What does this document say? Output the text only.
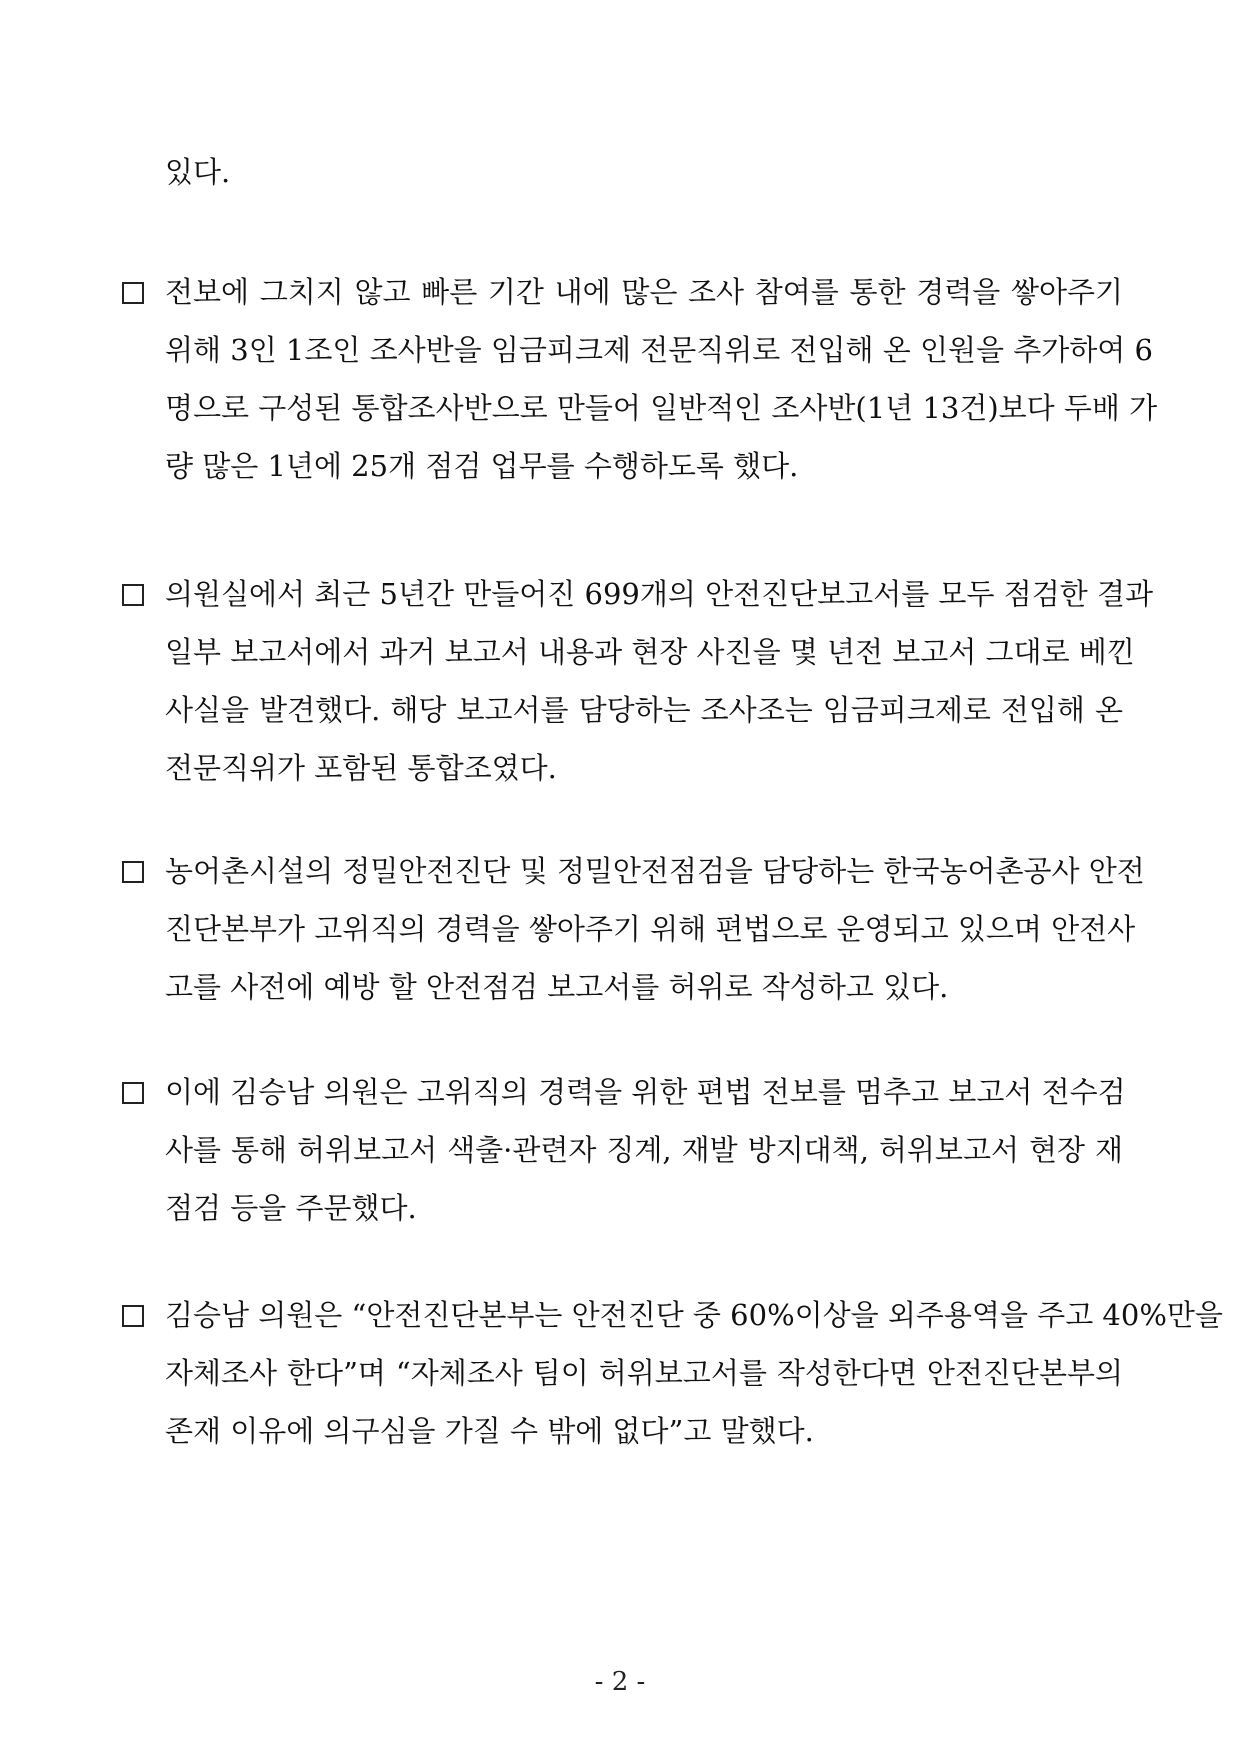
있다.
전보에 그치지 않고 빠른 기간 내에 많은 조사 참여를 통한 경력을 쌓아주기
위해 3인 1조인 조사반을 임금피크제 전문직위로 전입해 온 인원을 추가하여 6
명으로 구성된 통합조사반으로 만들어 일반적인 조사반(1년 13건)보다 두배 가
량 많은 1년에 25개 점검 업무를 수행하도록 했다.
의원실에서 최근 5년간 만들어진 699개의 안전진단보고서를 모두 점검한 결과
일부 보고서에서 과거 보고서 내용과 현장 사진을 몇 년전 보고서 그대로 베낀
사실을 발견했다. 해당 보고서를 담당하는 조사조는 임금피크제로 전입해 온
전문직위가 포함된 통합조였다.
농어촌시설의 정밀안전진단 및 정밀안전점검을 담당하는 한국농어촌공사 안전
진단본부가 고위직의 경력을 쌓아주기 위해 편법으로 운영되고 있으며 안전사
고를 사전에 예방 할 안전점검 보고서를 허위로 작성하고 있다.
이에 김승남 의원은 고위직의 경력을 위한 편법 전보를 멈추고 보고서 전수검
사를 통해 허위보고서 색출·관련자 징계, 재발 방지대책, 허위보고서 현장 재
점검 등을 주문했다.
김승남 의원은 “안전진단본부는 안전진단 중 60%이상을 외주용역을 주고 40%만을
자체조사 한다”며 “자체조사 팀이 허위보고서를 작성한다면 안전진단본부의
존재 이유에 의구심을 가질 수 밖에 없다”고 말했다.
- 2 -
